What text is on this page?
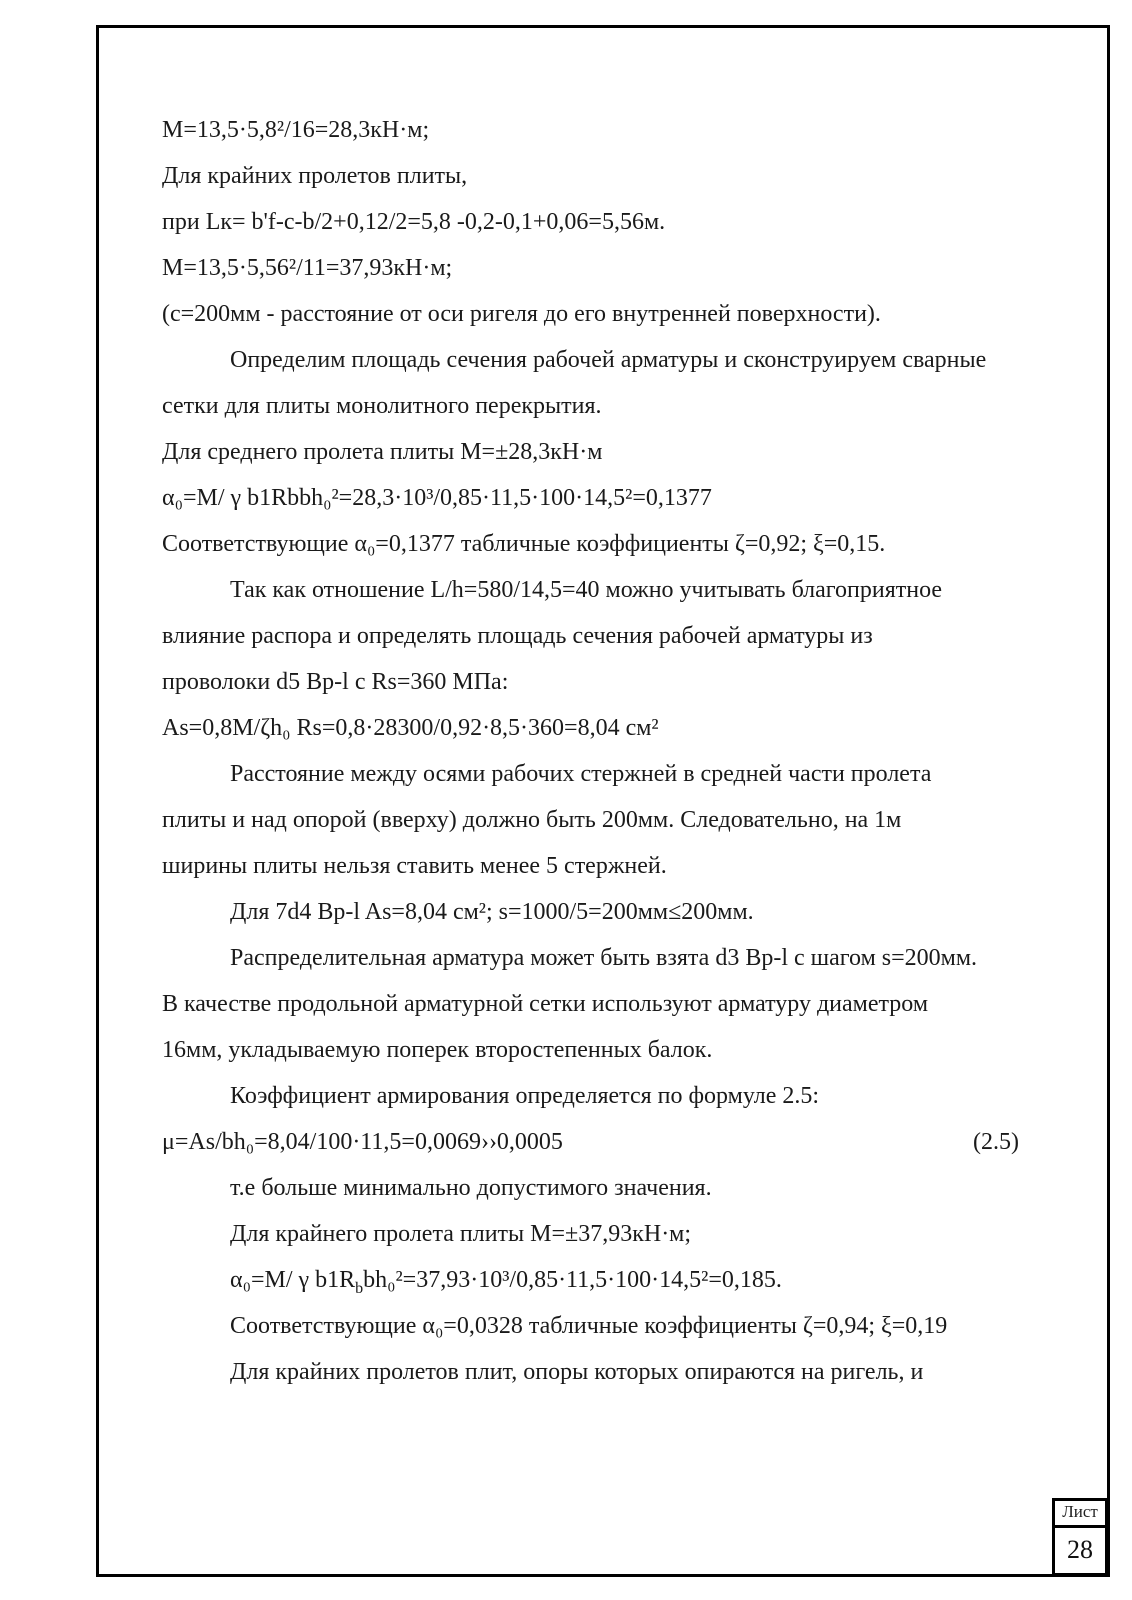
M=13,5·5,8²/16=28,3кН·м;
Для крайних пролетов плиты,
при Lк= b'f-c-b/2+0,12/2=5,8 -0,2-0,1+0,06=5,56м.
M=13,5·5,56²/11=37,93кН·м;
(c=200мм - расстояние от оси ригеля до его внутренней поверхности).
Определим площадь сечения рабочей арматуры и сконструируем сварные
сетки для плиты монолитного перекрытия.
Для среднего пролета плиты M=±28,3кН·м
α₀=M/ γ b1Rbbh₀²=28,3·10³/0,85·11,5·100·14,5²=0,1377
Соответствующие α₀=0,1377 табличные коэффициенты ζ=0,92; ξ=0,15.
Так как отношение L/h=580/14,5=40 можно учитывать благоприятное
влияние распора и определять площадь сечения рабочей арматуры из
проволоки d5 Bp-l с Rs=360 МПа:
As=0,8M/ζh₀ Rs=0,8·28300/0,92·8,5·360=8,04 см²
Расстояние между осями рабочих стержней в средней части пролета
плиты и над опорой (вверху) должно быть 200мм. Следовательно, на 1м
ширины плиты нельзя ставить менее 5 стержней.
Для 7d4 Bp-l As=8,04 см²; s=1000/5=200мм≤200мм.
Распределительная арматура может быть взята d3 Bp-l с шагом s=200мм.
В качестве продольной арматурной сетки используют арматуру диаметром
16мм, укладываемую поперек второстепенных балок.
Коэффициент армирования определяется по формуле 2.5:
μ=As/bh₀=8,04/100·11,5=0,0069››0,0005	(2.5)
т.е больше минимально допустимого значения.
Для крайнего пролета плиты M=±37,93кН·м;
α₀=M/ γ $b1R_bbh_0^2=37,93\cdot 10^3/0,85\cdot 11,5\cdot 100\cdot 14,5^2=0,185$.
Соответствующие α₀=0,0328 табличные коэффициенты ζ=0,94; ξ=0,19
Для крайних пролетов плит, опоры которых опираются на ригель, и
Лист
28
